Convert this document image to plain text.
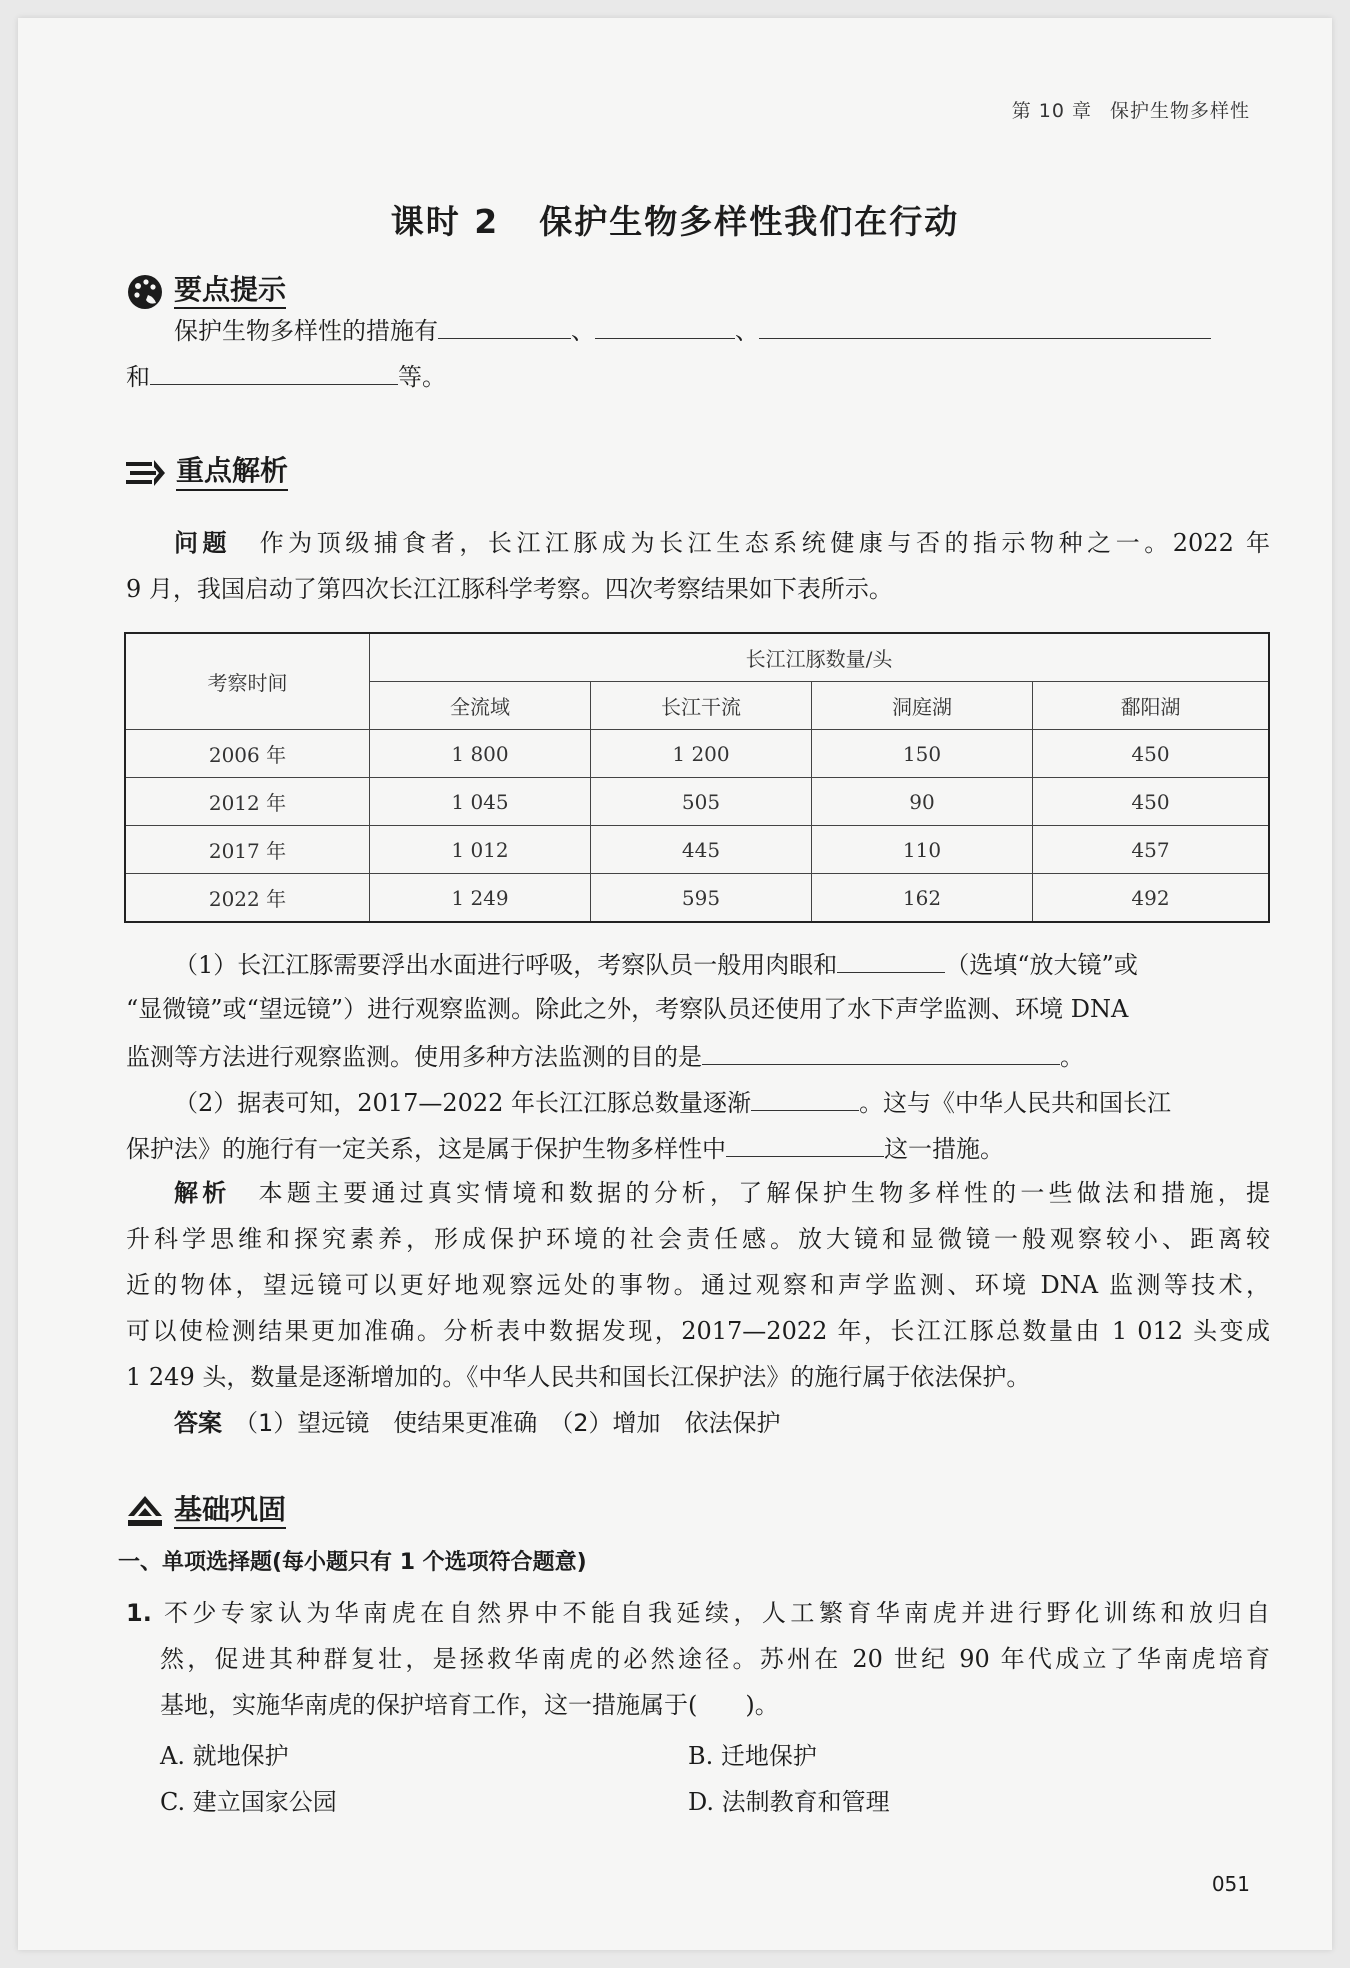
第 10 章 保护生物多样性
课时 2 保护生物多样性我们在行动
要点提示
保护生物多样性的措施有	、	、
和	等。
重点解析
问题　 作为顶级捕食者，长江江豚成为长江生态系统健康与否的指示物种之一。2022 年
9 月，我国启动了第四次长江江豚科学考察。四次考察结果如下表所示。
考察时间	长江江豚数量/头			
	全流域	长江干流	洞庭湖	鄱阳湖
2006 年	1 800	1 200	150	450
2012 年	1 045	505	90	450
2017 年	1 012	445	110	457
2022 年	1 249	595	162	492
（1）长江江豚需要浮出水面进行呼吸，考察队员一般用肉眼和	（选填“放大镜”或
“显微镜”或“望远镜”）进行观察监测。除此之外，考察队员还使用了水下声学监测、环境 DNA
监测等方法进行观察监测。使用多种方法监测的目的是	。
（2）据表可知，2017—2022 年长江江豚总数量逐渐	。这与《中华人民共和国长江
保护法》的施行有一定关系，这是属于保护生物多样性中	这一措施。
解析　 本题主要通过真实情境和数据的分析，了解保护生物多样性的一些做法和措施，提
升科学思维和探究素养，形成保护环境的社会责任感。放大镜和显微镜一般观察较小、距离较
近的物体，望远镜可以更好地观察远处的事物。通过观察和声学监测、环境 DNA 监测等技术，
可以使检测结果更加准确。分析表中数据发现，2017—2022 年，长江江豚总数量由 1 012 头变成
1 249 头，数量是逐渐增加的。《中华人民共和国长江保护法》的施行属于依法保护。
答案　 （1）望远镜　使结果更准确　（2）增加　依法保护
基础巩固
一、单项选择题(每小题只有 1 个选项符合题意)
1. 不少专家认为华南虎在自然界中不能自我延续，人工繁育华南虎并进行野化训练和放归自
然，促进其种群复壮，是拯救华南虎的必然途径。苏州在 20 世纪 90 年代成立了华南虎培育
基地，实施华南虎的保护培育工作，这一措施属于(　　)。
A. 就地保护	B. 迁地保护
C. 建立国家公园	D. 法制教育和管理
051
